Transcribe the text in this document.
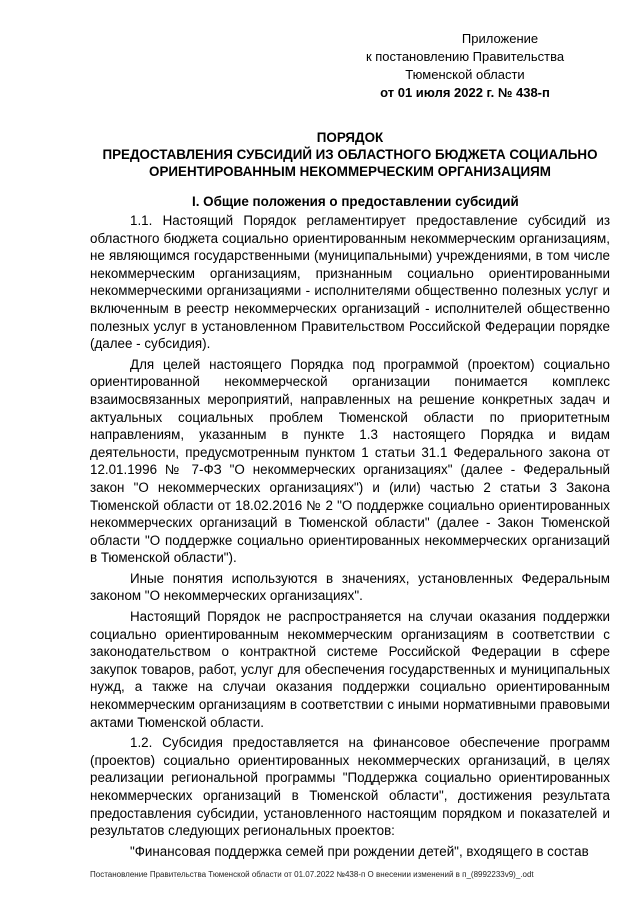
Приложение
к постановлению Правительства
Тюменской области
от 01 июля 2022 г. № 438-п
ПОРЯДОК
ПРЕДОСТАВЛЕНИЯ СУБСИДИЙ ИЗ ОБЛАСТНОГО БЮДЖЕТА СОЦИАЛЬНО
ОРИЕНТИРОВАННЫМ НЕКОММЕРЧЕСКИМ ОРГАНИЗАЦИЯМ
I. Общие положения о предоставлении субсидий

1.1. Настоящий Порядок регламентирует предоставление субсидий из областного бюджета социально ориентированным некоммерческим организациям, не являющимся государственными (муниципальными) учреждениями, в том числе некоммерческим организациям, признанным социально ориентированными некоммерческими организациями - исполнителями общественно полезных услуг и включенным в реестр некоммерческих организаций - исполнителей общественно полезных услуг в установленном Правительством Российской Федерации порядке (далее - субсидия).

Для целей настоящего Порядка под программой (проектом) социально ориентированной некоммерческой организации понимается комплекс взаимосвязанных мероприятий, направленных на решение конкретных задач и актуальных социальных проблем Тюменской области по приоритетным направлениям, указанным в пункте 1.3 настоящего Порядка и видам деятельности, предусмотренным пунктом 1 статьи 31.1 Федерального закона от 12.01.1996 № 7-ФЗ "О некоммерческих организациях" (далее - Федеральный закон "О некоммерческих организациях") и (или) частью 2 статьи 3 Закона Тюменской области от 18.02.2016 № 2 "О поддержке социально ориентированных некоммерческих организаций в Тюменской области" (далее - Закон Тюменской области "О поддержке социально ориентированных некоммерческих организаций в Тюменской области").

Иные понятия используются в значениях, установленных Федеральным законом "О некоммерческих организациях".

Настоящий Порядок не распространяется на случаи оказания поддержки социально ориентированным некоммерческим организациям в соответствии с законодательством о контрактной системе Российской Федерации в сфере закупок товаров, работ, услуг для обеспечения государственных и муниципальных нужд, а также на случаи оказания поддержки социально ориентированным некоммерческим организациям в соответствии с иными нормативными правовыми актами Тюменской области.

1.2. Субсидия предоставляется на финансовое обеспечение программ (проектов) социально ориентированных некоммерческих организаций, в целях реализации региональной программы "Поддержка социально ориентированных некоммерческих организаций в Тюменской области", достижения результата предоставления субсидии, установленного настоящим порядком и показателей и результатов следующих региональных проектов:

"Финансовая поддержка семей при рождении детей", входящего в состав

Постановление Правительства Тюменской области от 01.07.2022 №438-п О внесении изменений в п_(8992233v9)_.odt
